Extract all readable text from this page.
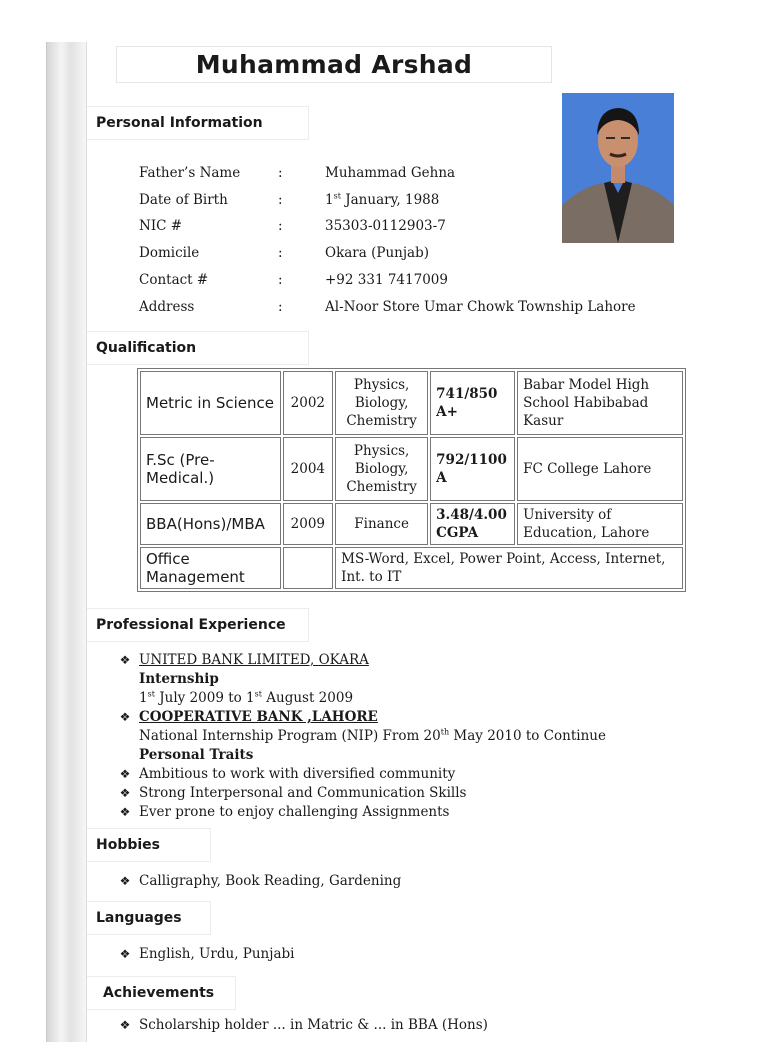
Muhammad Arshad
Personal Information
Father’s Name	:	Muhammad Gehna
Date of Birth	:	1st January, 1988
NIC #	:	35303-0112903-7
Domicile	:	Okara (Punjab)
Contact #	:	+92 331 7417009
Address	:	Al-Noor Store Umar Chowk Township Lahore
Qualification
Metric in Science	2002	Physics, Biology, Chemistry	741/850 A+	Babar Model High School Habibabad Kasur
F.Sc (Pre-Medical.)	2004	Physics, Biology, Chemistry	792/1100 A	FC College Lahore
BBA(Hons)/MBA	2009	Finance	3.48/4.00 CGPA	University of Education, Lahore
Office Management		MS-Word, Excel, Power Point, Access, Internet, Int. to IT		
Professional Experience
❖ UNITED BANK LIMITED, OKARA
Internship
1st July 2009 to 1st August 2009
❖ COOPERATIVE BANK ,LAHORE
National Internship Program (NIP) From 20th May 2010 to Continue
Personal Traits
❖ Ambitious to work with diversified community
❖ Strong Interpersonal and Communication Skills
❖ Ever prone to enjoy challenging Assignments
Hobbies
❖ Calligraphy, Book Reading, Gardening
Languages
❖ English, Urdu, Punjabi
Achievements
❖ Scholarship holder ... in Matric & ... in BBA (Hons)
